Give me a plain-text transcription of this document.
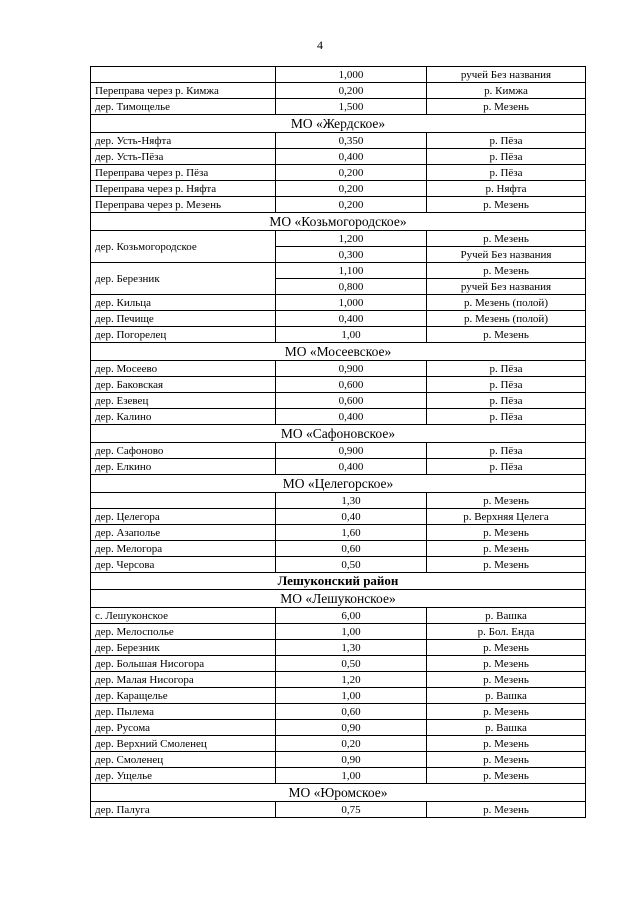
4
	1,000	ручей Без названия
Переправа через р. Кимжа	0,200	р. Кимжа
дер. Тимощелье	1,500	р. Мезень
МО «Жердское»		
дер. Усть-Няфта	0,350	р. Пёза
дер. Усть-Пёза	0,400	р. Пёза
Переправа через р. Пёза	0,200	р. Пёза
Переправа через р. Няфта	0,200	р. Няфта
Переправа через р. Мезень	0,200	р. Мезень
МО «Козьмогородское»		
дер. Козьмогородское	1,200	р. Мезень
	0,300	Ручей Без названия
дер. Березник	1,100	р. Мезень
	0,800	ручей Без названия
дер. Кильца	1,000	р. Мезень (полой)
дер. Печище	0,400	р. Мезень (полой)
дер. Погорелец	1,00	р. Мезень
МО «Мосеевское»		
дер. Мосеево	0,900	р. Пёза
дер. Баковская	0,600	р. Пёза
дер. Езевец	0,600	р. Пёза
дер. Калино	0,400	р. Пёза
МО «Сафоновское»		
дер. Сафоново	0,900	р. Пёза
дер. Елкино	0,400	р. Пёза
МО «Целегорское»		
	1,30	р. Мезень
дер. Целегора	0,40	р. Верхняя Целега
дер. Азаполье	1,60	р. Мезень
дер. Мелогора	0,60	р. Мезень
дер. Черсова	0,50	р. Мезень
Лешуконский район		
МО «Лешуконское»		
с. Лешуконское	6,00	р. Вашка
дер. Мелосполье	1,00	р. Бол. Енда
дер. Березник	1,30	р. Мезень
дер. Большая Нисогора	0,50	р. Мезень
дер. Малая Нисогора	1,20	р. Мезень
дер. Каращелье	1,00	р. Вашка
дер. Пылема	0,60	р. Мезень
дер. Русома	0,90	р. Вашка
дер. Верхний Смоленец	0,20	р. Мезень
дер. Смоленец	0,90	р. Мезень
дер. Ущелье	1,00	р. Мезень
МО «Юромское»		
дер. Палуга	0,75	р. Мезень
